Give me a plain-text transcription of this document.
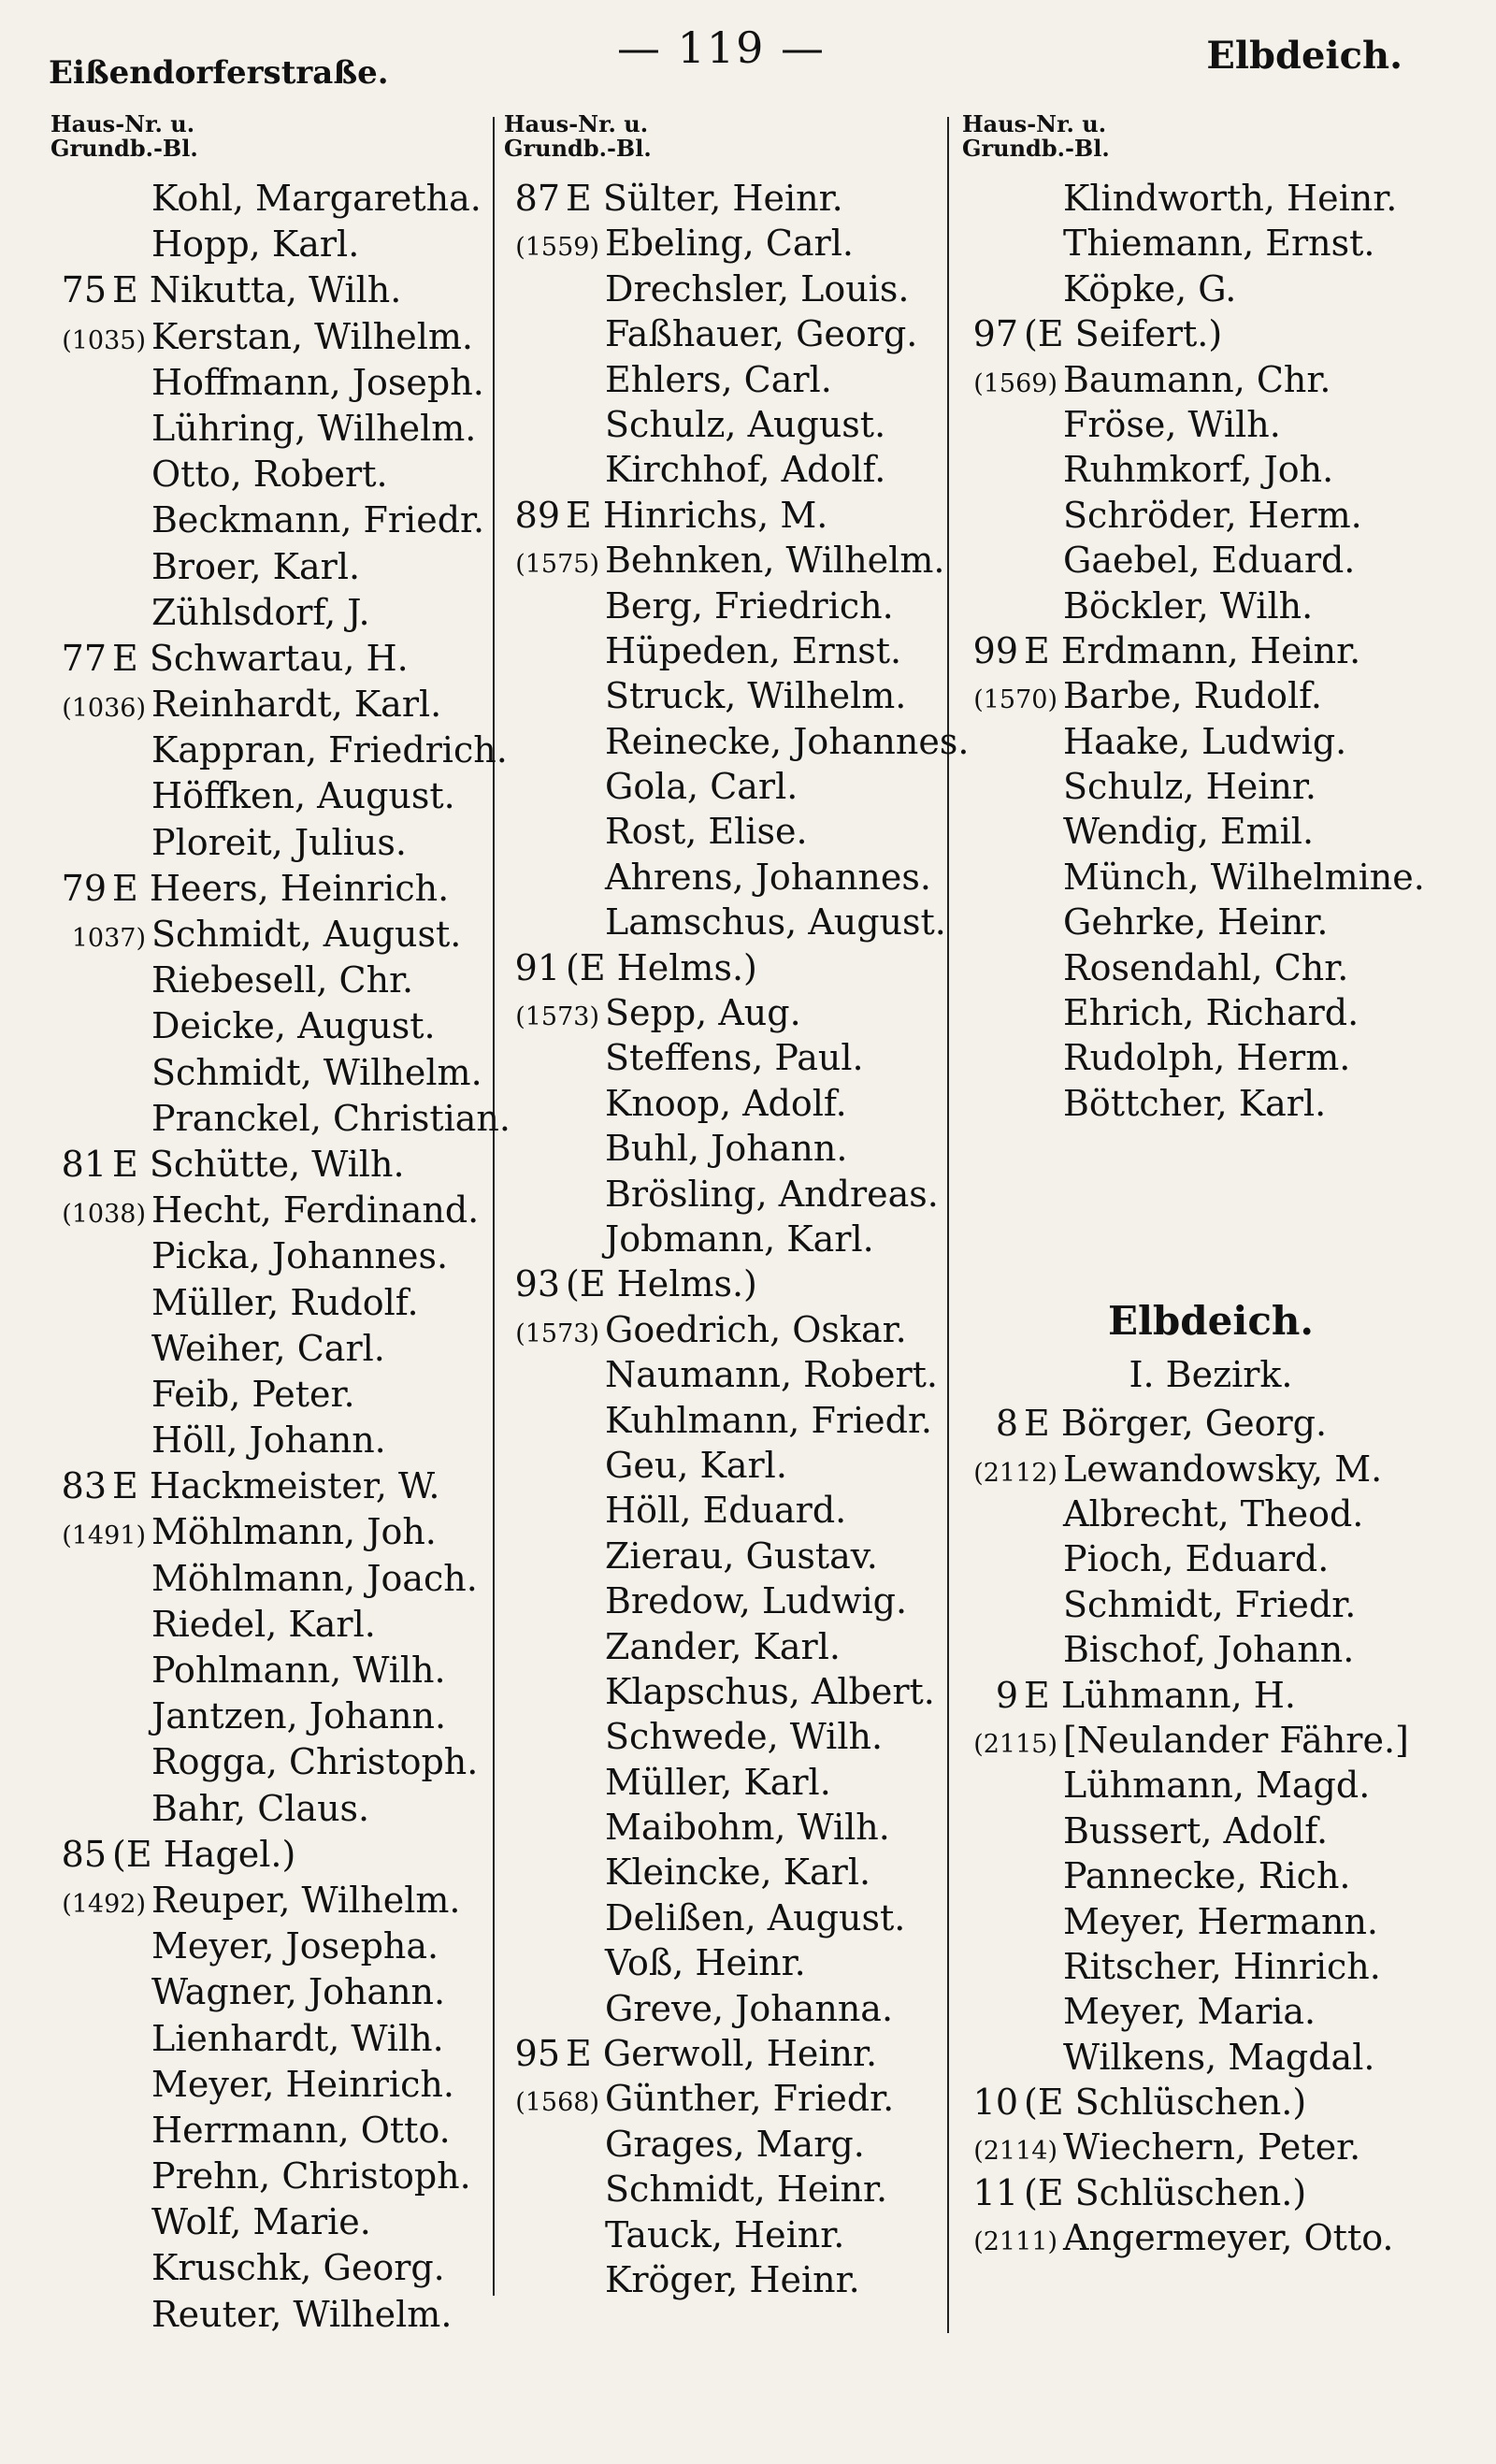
Eißendorferstraße.	— 119 —	Elbdeich.
Haus-Nr. u.
Grundb.-Bl.
Kohl, Margaretha.
Hopp, Karl.
75 E Nikutta, Wilh.
(1035) Kerstan, Wilhelm.
Hoffmann, Joseph.
Lühring, Wilhelm.
Otto, Robert.
Beckmann, Friedr.
Broer, Karl.
Zühlsdorf, J.
77 E Schwartau, H.
(1036) Reinhardt, Karl.
Kappran, Friedrich.
Höffken, August.
Ploreit, Julius.
79 E Heers, Heinrich.
1037) Schmidt, August.
Riebesell, Chr.
Deicke, August.
Schmidt, Wilhelm.
Pranckel, Christian.
81 E Schütte, Wilh.
(1038) Hecht, Ferdinand.
Picka, Johannes.
Müller, Rudolf.
Weiher, Carl.
Feib, Peter.
Höll, Johann.
83 E Hackmeister, W.
(1491) Möhlmann, Joh.
Möhlmann, Joach.
Riedel, Karl.
Pohlmann, Wilh.
Jantzen, Johann.
Rogga, Christoph.
Bahr, Claus.
85 (E Hagel.)
(1492) Reuper, Wilhelm.
Meyer, Josepha.
Wagner, Johann.
Lienhardt, Wilh.
Meyer, Heinrich.
Herrmann, Otto.
Prehn, Christoph.
Wolf, Marie.
Kruschk, Georg.
Reuter, Wilhelm.
Haus-Nr. u.
Grundb.-Bl.
87 E Sülter, Heinr.
(1559) Ebeling, Carl.
Drechsler, Louis.
Faßhauer, Georg.
Ehlers, Carl.
Schulz, August.
Kirchhof, Adolf.
89 E Hinrichs, M.
(1575) Behnken, Wilhelm.
Berg, Friedrich.
Hüpeden, Ernst.
Struck, Wilhelm.
Reinecke, Johannes.
Gola, Carl.
Rost, Elise.
Ahrens, Johannes.
Lamschus, August.
91 (E Helms.)
(1573) Sepp, Aug.
Steffens, Paul.
Knoop, Adolf.
Buhl, Johann.
Brösling, Andreas.
Jobmann, Karl.
93 (E Helms.)
(1573) Goedrich, Oskar.
Naumann, Robert.
Kuhlmann, Friedr.
Geu, Karl.
Höll, Eduard.
Zierau, Gustav.
Bredow, Ludwig.
Zander, Karl.
Klapschus, Albert.
Schwede, Wilh.
Müller, Karl.
Maibohm, Wilh.
Kleincke, Karl.
Delißen, August.
Voß, Heinr.
Greve, Johanna.
95 E Gerwoll, Heinr.
(1568) Günther, Friedr.
Grages, Marg.
Schmidt, Heinr.
Tauck, Heinr.
Kröger, Heinr.
Haus-Nr. u.
Grundb.-Bl.
Klindworth, Heinr.
Thiemann, Ernst.
Köpke, G.
97 (E Seifert.)
(1569) Baumann, Chr.
Fröse, Wilh.
Ruhmkorf, Joh.
Schröder, Herm.
Gaebel, Eduard.
Böckler, Wilh.
99 E Erdmann, Heinr.
(1570) Barbe, Rudolf.
Haake, Ludwig.
Schulz, Heinr.
Wendig, Emil.
Münch, Wilhelmine.
Gehrke, Heinr.
Rosendahl, Chr.
Ehrich, Richard.
Rudolph, Herm.
Böttcher, Karl.
Elbdeich.
I. Bezirk.
8 E Börger, Georg.
(2112) Lewandowsky, M.
Albrecht, Theod.
Pioch, Eduard.
Schmidt, Friedr.
Bischof, Johann.
9 E Lühmann, H.
(2115) [Neulander Fähre.]
Lühmann, Magd.
Bussert, Adolf.
Pannecke, Rich.
Meyer, Hermann.
Ritscher, Hinrich.
Meyer, Maria.
Wilkens, Magdal.
10 (E Schlüschen.)
(2114) Wiechern, Peter.
11 (E Schlüschen.)
(2111) Angermeyer, Otto.
